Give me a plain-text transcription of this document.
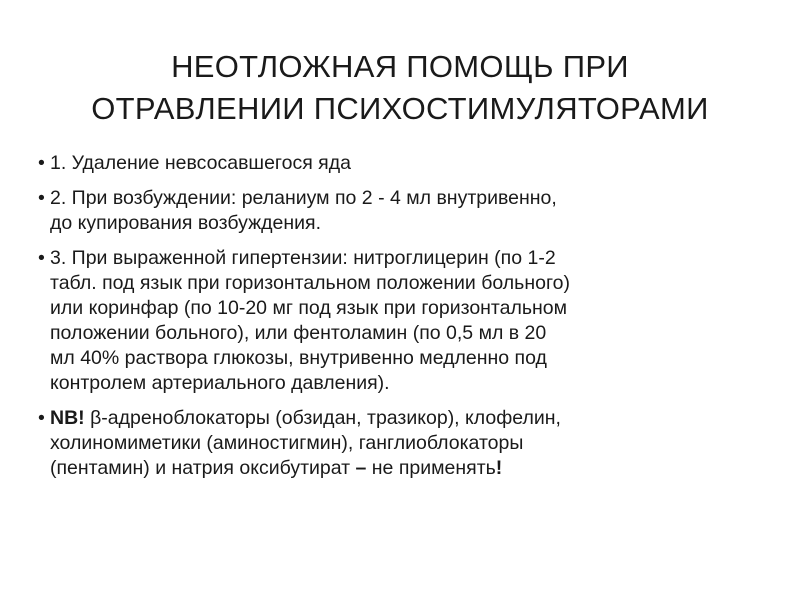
НЕОТЛОЖНАЯ ПОМОЩЬ ПРИ
ОТРАВЛЕНИИ ПСИХОСТИМУЛЯТОРАМИ
• 1. Удаление невсосавшегося яда
• 2. При возбуждении: реланиум по 2 - 4 мл внутривенно,
до купирования возбуждения.
• 3. При выраженной гипертензии: нитроглицерин (по 1-2
табл. под язык при горизонтальном положении больного)
или коринфар (по 10-20 мг под язык при горизонтальном
положении больного), или фентоламин (по 0,5 мл в 20
мл 40% раствора глюкозы, внутривенно медленно под
контролем артериального давления).
• NB! β-адреноблокаторы (обзидан, тразикор), клофелин,
холиномиметики (аминостигмин), ганглиоблокаторы
(пентамин) и натрия оксибутират – не применять!
